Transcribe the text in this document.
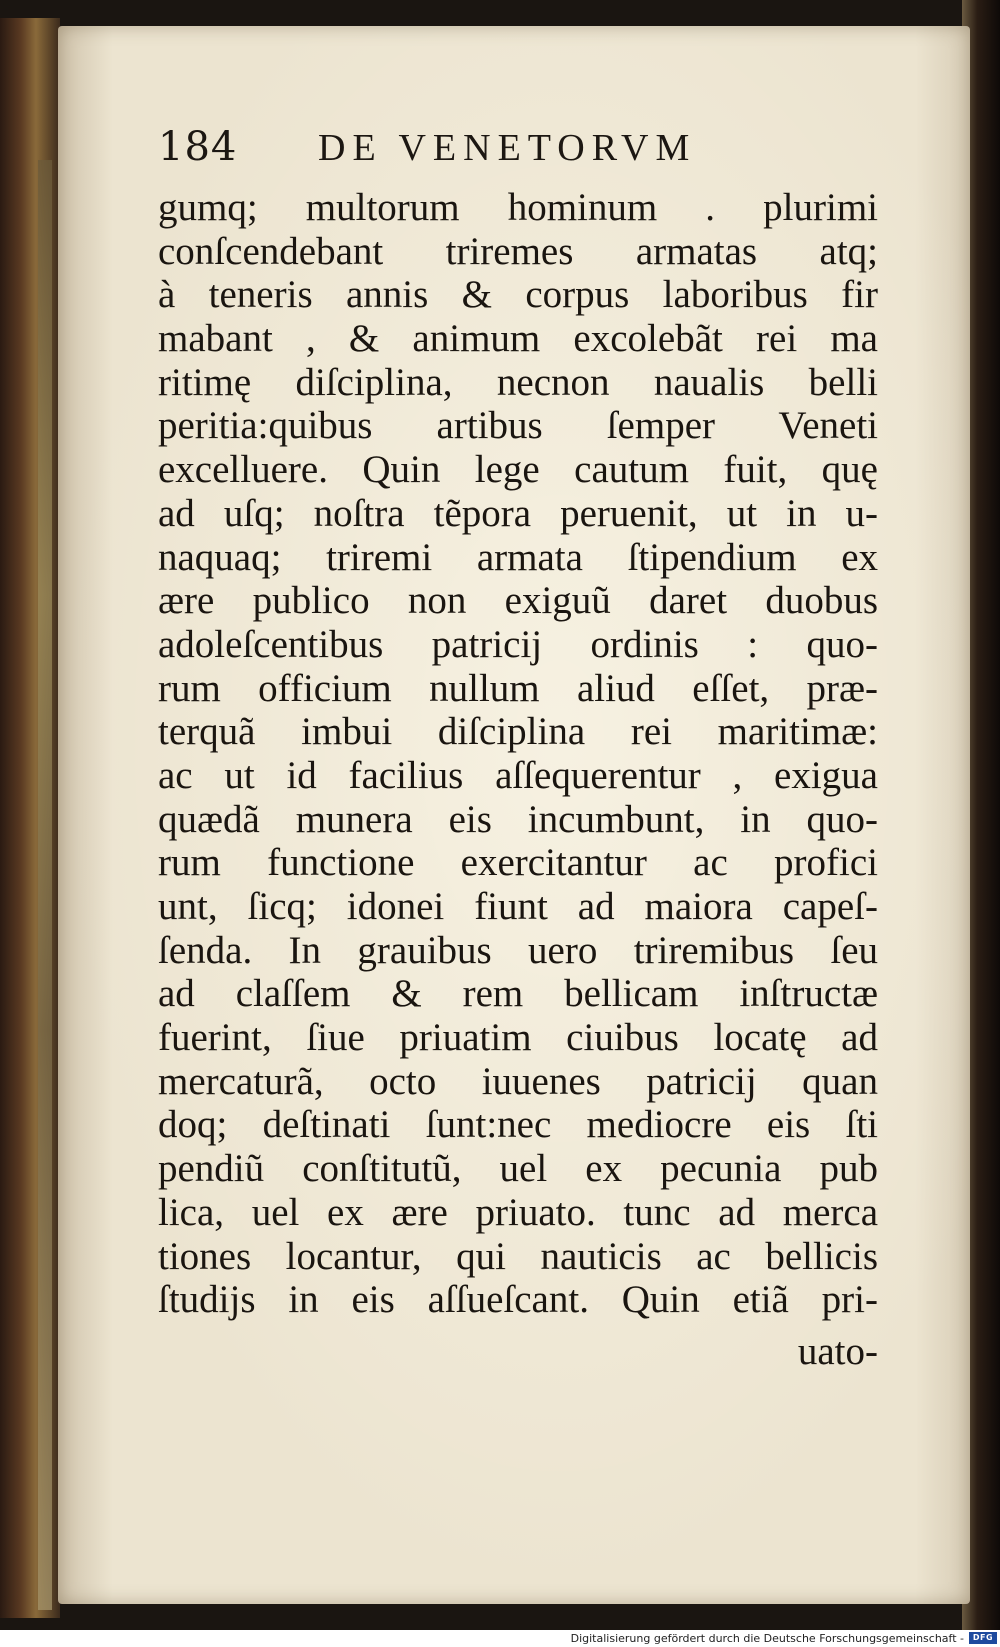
184 DE VENETORVM
gumq; multorum hominum . plurimi
conſcendebant triremes armatas atq;
à teneris annis & corpus laboribus fir
mabant , & animum excolebãt rei ma
ritimę diſciplina, necnon naualis belli
peritia:quibus artibus ſemper Veneti
excelluere. Quin lege cautum fuit, quę
ad uſq; noſtra tẽpora peruenit, ut in u-
naquaq; triremi armata ſtipendium ex
ære publico non exiguũ daret duobus
adoleſcentibus patricij ordinis : quo-
rum officium nullum aliud eſſet, præ-
terquã imbui diſciplina rei maritimæ:
ac ut id facilius aſſequerentur , exigua
quædã munera eis incumbunt, in quo-
rum functione exercitantur ac profici
unt, ſicq; idonei fiunt ad maiora capeſ-
ſenda. In grauibus uero triremibus ſeu
ad claſſem & rem bellicam inſtructæ
fuerint, ſiue priuatim ciuibus locatę ad
mercaturã, octo iuuenes patricij quan
doq; deſtinati ſunt:nec mediocre eis ſti
pendiũ conſtitutũ, uel ex pecunia pub
lica, uel ex ære priuato. tunc ad merca
tiones locantur, qui nauticis ac bellicis
ſtudijs in eis aſſueſcant. Quin etiã pri-
uato-
Digitalisierung gefördert durch die Deutsche Forschungsgemeinschaft -	DFG
